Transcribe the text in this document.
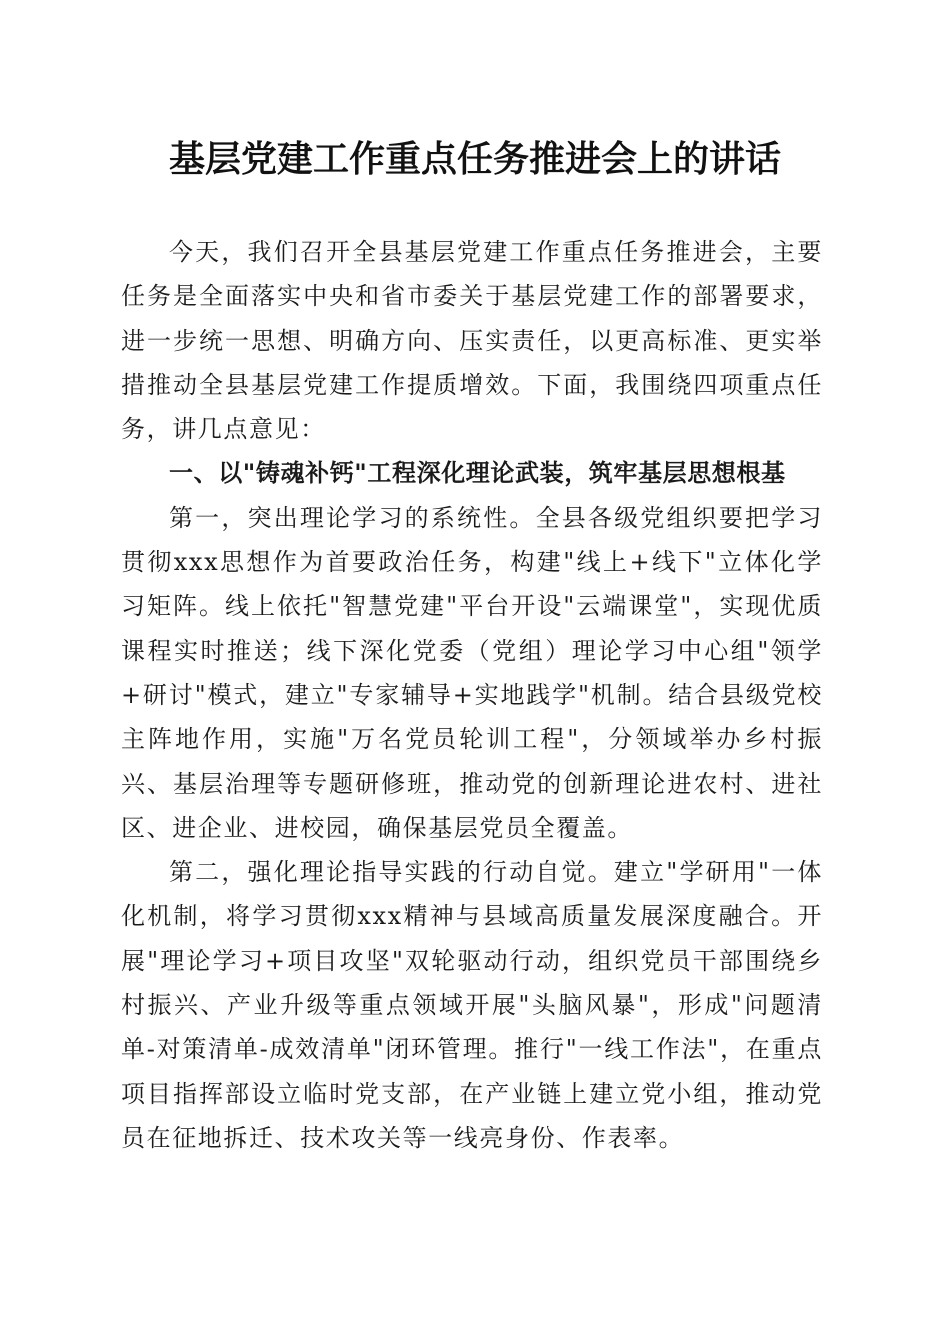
基层党建工作重点任务推进会上的讲话

今天，我们召开全县基层党建工作重点任务推进会，主要任务是全面落实中央和省市委关于基层党建工作的部署要求，进一步统一思想、明确方向、压实责任，以更高标准、更实举措推动全县基层党建工作提质增效。下面，我围绕四项重点任务，讲几点意见：

一、以"铸魂补钙"工程深化理论武装，筑牢基层思想根基

第一，突出理论学习的系统性。全县各级党组织要把学习贯彻xxx思想作为首要政治任务，构建"线上+线下"立体化学习矩阵。线上依托"智慧党建"平台开设"云端课堂"，实现优质课程实时推送；线下深化党委（党组）理论学习中心组"领学+研讨"模式，建立"专家辅导+实地践学"机制。结合县级党校主阵地作用，实施"万名党员轮训工程"，分领域举办乡村振兴、基层治理等专题研修班，推动党的创新理论进农村、进社区、进企业、进校园，确保基层党员全覆盖。

第二，强化理论指导实践的行动自觉。建立"学研用"一体化机制，将学习贯彻xxx精神与县域高质量发展深度融合。开展"理论学习+项目攻坚"双轮驱动行动，组织党员干部围绕乡村振兴、产业升级等重点领域开展"头脑风暴"，形成"问题清单-对策清单-成效清单"闭环管理。推行"一线工作法"，在重点项目指挥部设立临时党支部，在产业链上建立党小组，推动党员在征地拆迁、技术攻关等一线亮身份、作表率。
